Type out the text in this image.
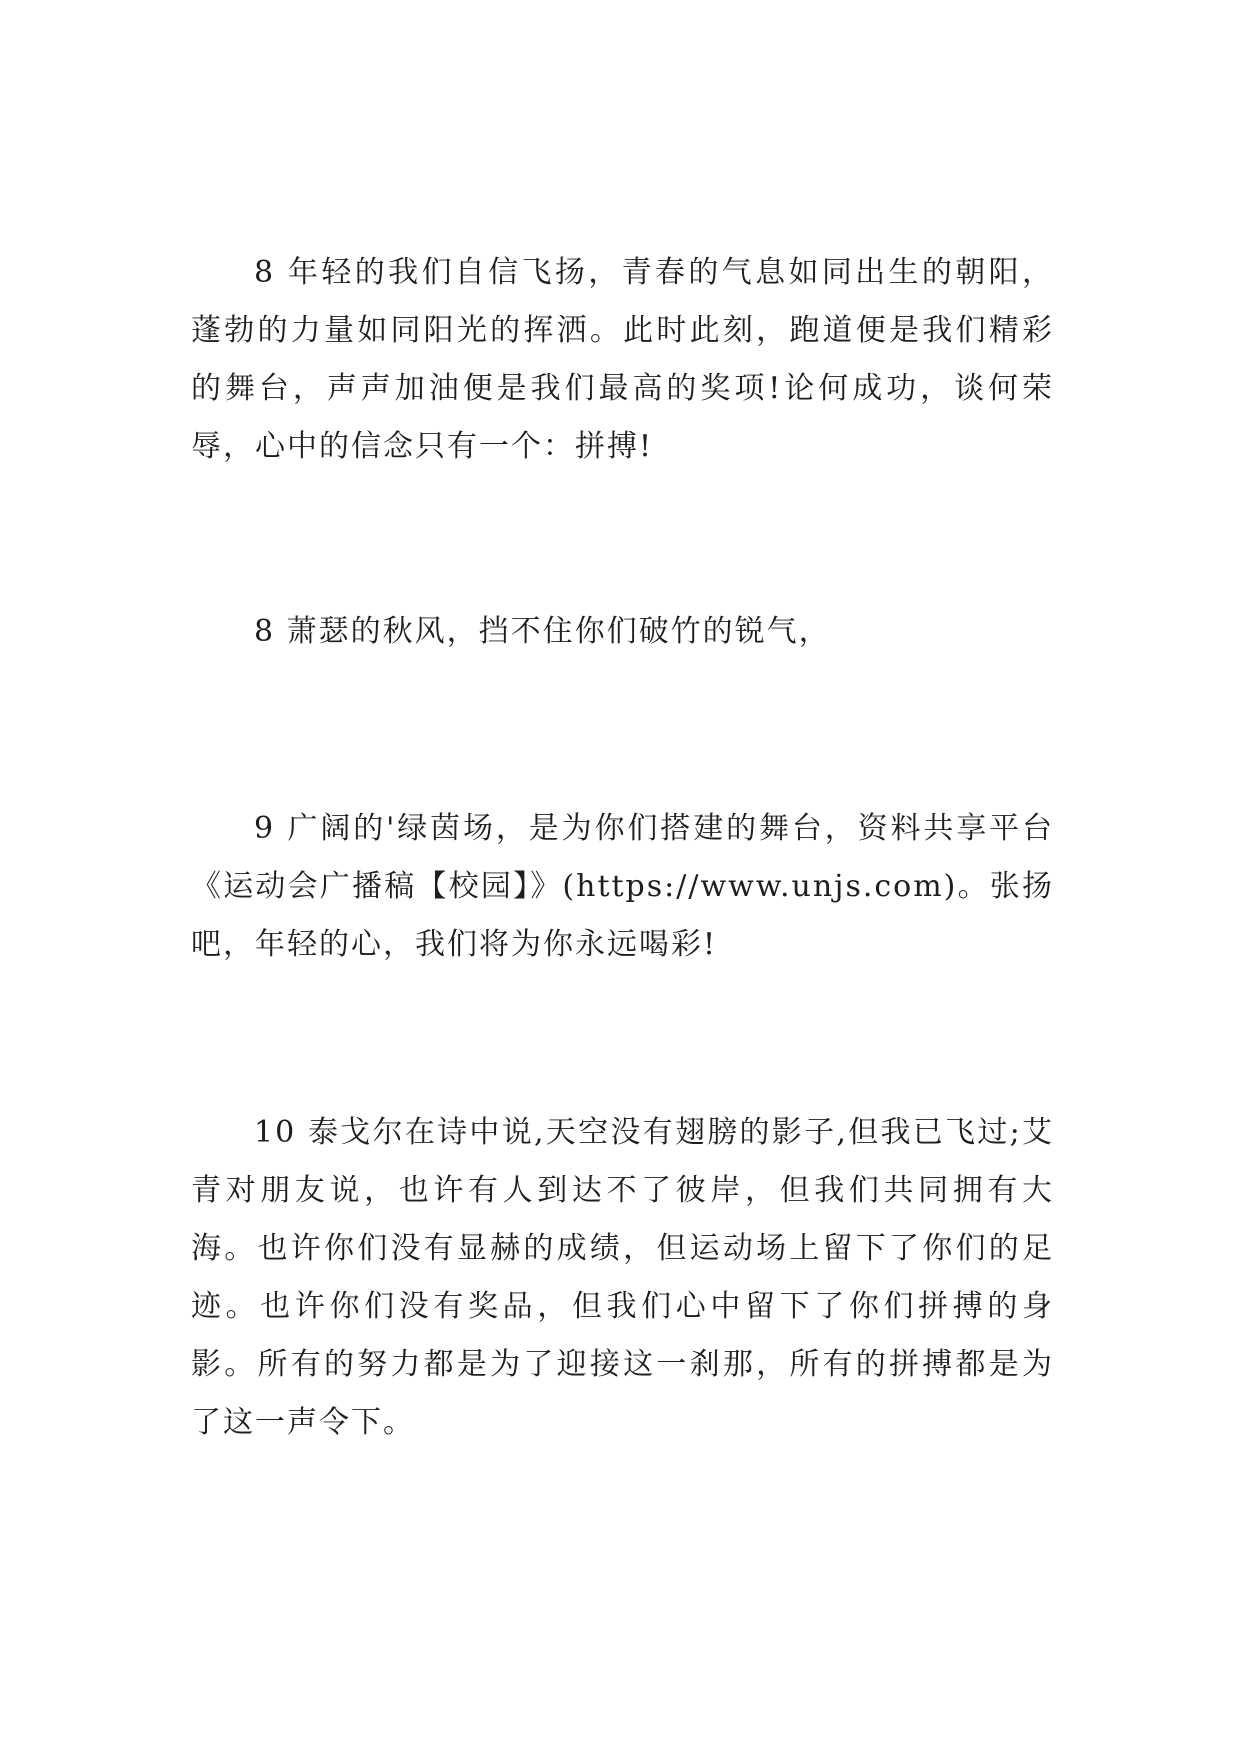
8 年轻的我们自信飞扬，青春的气息如同出生的朝阳，蓬勃的力量如同阳光的挥洒。此时此刻，跑道便是我们精彩的舞台，声声加油便是我们最高的奖项!论何成功，谈何荣辱，心中的信念只有一个：拼搏!

8 萧瑟的秋风，挡不住你们破竹的锐气，

9 广阔的'绿茵场，是为你们搭建的舞台，资料共享平台《运动会广播稿【校园】》(https://www.unjs.com)。张扬吧，年轻的心，我们将为你永远喝彩!

10 泰戈尔在诗中说,天空没有翅膀的影子,但我已飞过;艾青对朋友说，也许有人到达不了彼岸，但我们共同拥有大海。也许你们没有显赫的成绩，但运动场上留下了你们的足迹。也许你们没有奖品，但我们心中留下了你们拼搏的身影。所有的努力都是为了迎接这一刹那，所有的拼搏都是为了这一声令下。
